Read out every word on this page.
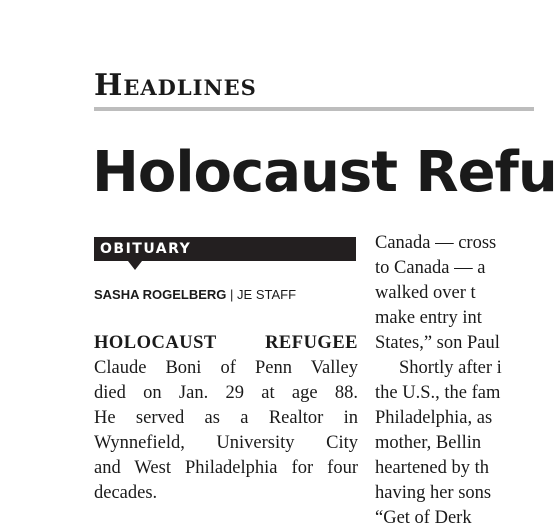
Headlines
Holocaust Refu
OBITUARY
SASHA ROGELBERG | JE STAFF
HOLOCAUST REFUGEE
Claude Boni of Penn Valley
died on Jan. 29 at age 88.
He served as a Realtor in
Wynnefield, University City
and West Philadelphia for four
decades.
Canada — cross
to Canada — a
walked over t
make entry int
States,” son Paul
Shortly after i
the U.S., the fam
Philadelphia, as
mother, Bellin
heartened by th
having her sons
“Get of Derk
